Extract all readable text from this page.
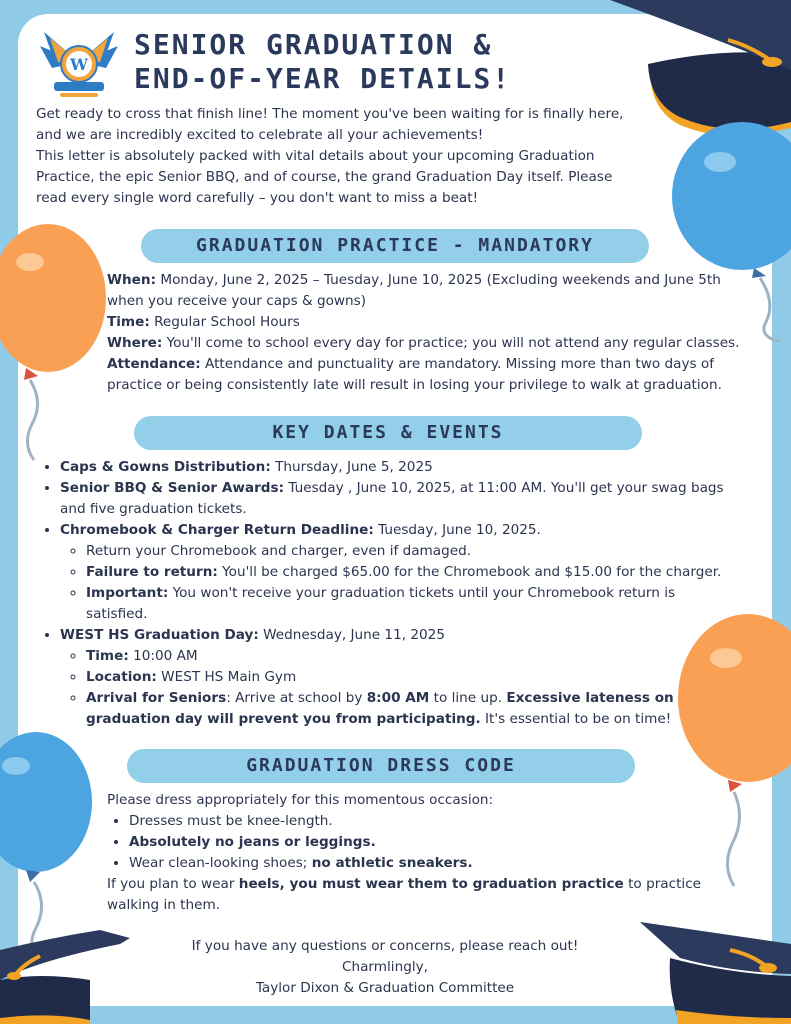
W
SENIOR GRADUATION &
END-OF-YEAR DETAILS!

Get ready to cross that finish line! The moment you've been waiting for is finally here, and we are incredibly excited to celebrate all your achievements!

This letter is absolutely packed with vital details about your upcoming Graduation Practice, the epic Senior BBQ, and of course, the grand Graduation Day itself. Please read every single word carefully – you don't want to miss a beat!

GRADUATION PRACTICE - MANDATORY

When: Monday, June 2, 2025 – Tuesday, June 10, 2025 (Excluding weekends and June 5th when you receive your caps & gowns)

Time: Regular School Hours

Where: You'll come to school every day for practice; you will not attend any regular classes.

Attendance: Attendance and punctuality are mandatory. Missing more than two days of practice or being consistently late will result in losing your privilege to walk at graduation.

KEY DATES & EVENTS
• Caps & Gowns Distribution: Thursday, June 5, 2025
• Senior BBQ & Senior Awards: Tuesday , June 10, 2025, at 11:00 AM. You'll get your swag bags and five graduation tickets.
• Chromebook & Charger Return Deadline: Tuesday, June 10, 2025.
◦ Return your Chromebook and charger, even if damaged.
◦ Failure to return: You'll be charged $65.00 for the Chromebook and $15.00 for the charger.
◦ Important: You won't receive your graduation tickets until your Chromebook return is satisfied.
• WEST HS Graduation Day: Wednesday, June 11, 2025
◦ Time: 10:00 AM
◦ Location: WEST HS Main Gym
◦ Arrival for Seniors: Arrive at school by 8:00 AM to line up. Excessive lateness on graduation day will prevent you from participating. It's essential to be on time!
GRADUATION DRESS CODE

Please dress appropriately for this momentous occasion:

• Dresses must be knee-length.
• Absolutely no jeans or leggings.
• Wear clean-looking shoes; no athletic sneakers.

If you plan to wear heels, you must wear them to graduation practice to practice walking in them.

If you have any questions or concerns, please reach out!
Charmlingly,
Taylor Dixon & Graduation Committee
